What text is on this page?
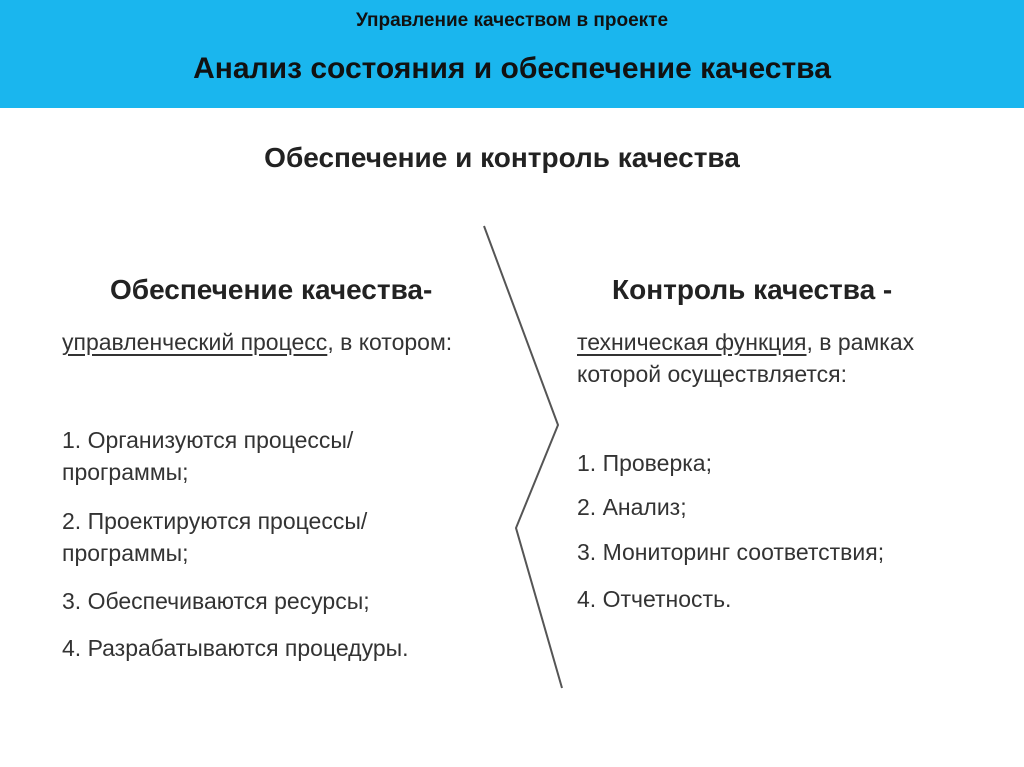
Управление качеством в проекте
Анализ состояния и обеспечение качества
Обеспечение и контроль качества
Обеспечение качества-
управленческий процесс, в котором:
1. Организуются процессы/
программы;
2. Проектируются процессы/
программы;
3. Обеспечиваются ресурсы;
4. Разрабатываются процедуры.
Контроль качества -
техническая функция, в рамках
которой осуществляется:
1. Проверка;
2. Анализ;
3. Мониторинг соответствия;
4. Отчетность.
